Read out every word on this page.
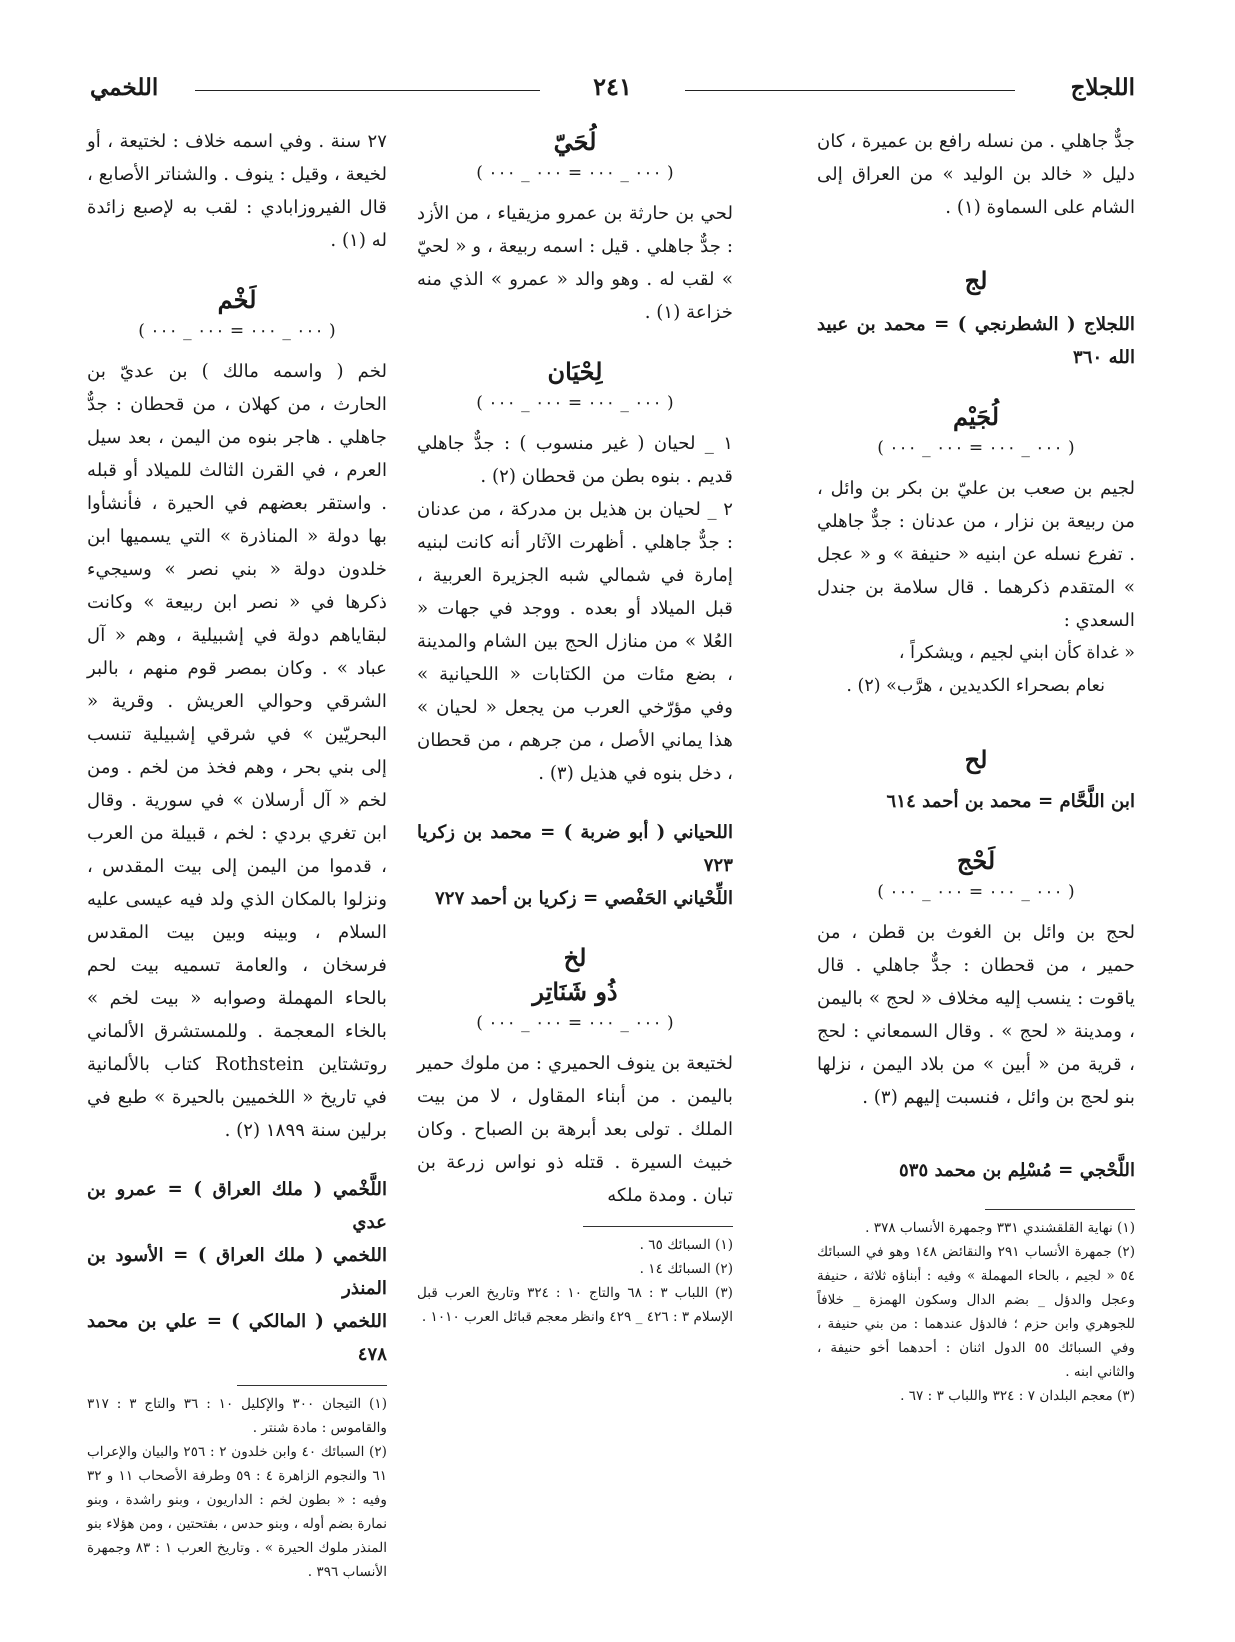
اللجلاج
٢٤١
اللخمي

جدٌّ جاهلي . من نسله رافع بن عميرة ، كان دليل « خالد بن الوليد » من العراق إلى الشام على السماوة (١) .

لج

اللجلاج ( الشطرنجي ) = محمد بن عبيد الله ٣٦٠

لُجَيْم

( ٠٠٠ _ ٠٠٠ = ٠٠٠ _ ٠٠٠ )

لجيم بن صعب بن عليّ بن بكر بن وائل ، من ربيعة بن نزار ، من عدنان : جدٌّ جاهلي . تفرع نسله عن ابنيه « حنيفة » و « عجل » المتقدم ذكرهما . قال سلامة بن جندل السعدي :

« غداة كأن ابني لجيم ، ويشكراً ،

نعام بصحراء الكديدين ، هرَّب» (٢) .

لح

ابن اللَّحَّام = محمد بن أحمد ٦١٤

لَحْج

( ٠٠٠ _ ٠٠٠ = ٠٠٠ _ ٠٠٠ )

لحج بن وائل بن الغوث بن قطن ، من حمير ، من قحطان : جدٌّ جاهلي . قال ياقوت : ينسب إليه مخلاف « لحج » باليمن ، ومدينة « لحج » . وقال السمعاني : لحج ، قرية من « أبين » من بلاد اليمن ، نزلها بنو لحج بن وائل ، فنسبت إليهم (٣) .

اللَّحْجي = مُسْلِم بن محمد ٥٣٥

(١) نهاية القلقشندي ٣٣١ وجمهرة الأنساب ٣٧٨ .

(٢) جمهرة الأنساب ٢٩١ والنقائض ١٤٨ وهو في السبائك ٥٤ « لجيم ، بالحاء المهملة » وفيه : أبناؤه ثلاثة ، حنيفة وعجل والدؤل _ بضم الدال وسكون الهمزة _ خلافاً للجوهري وابن حزم ؛ فالدؤل عندهما : من بني حنيفة ، وفي السبائك ٥٥ الدول اثنان : أحدهما أخو حنيفة ، والثاني ابنه .

(٣) معجم البلدان ٧ : ٣٢٤ واللباب ٣ : ٦٧ .

لُحَيّ

( ٠٠٠ _ ٠٠٠ = ٠٠٠ _ ٠٠٠ )

لحي بن حارثة بن عمرو مزيقياء ، من الأزد : جدٌّ جاهلي . قيل : اسمه ربيعة ، و « لحيّ » لقب له . وهو والد « عمرو » الذي منه خزاعة (١) .

لِحْيَان

( ٠٠٠ _ ٠٠٠ = ٠٠٠ _ ٠٠٠ )

١ _ لحيان ( غير منسوب ) : جدٌّ جاهلي قديم . بنوه بطن من قحطان (٢) .

٢ _ لحيان بن هذيل بن مدركة ، من عدنان : جدٌّ جاهلي . أظهرت الآثار أنه كانت لبنيه إمارة في شمالي شبه الجزيرة العربية ، قبل الميلاد أو بعده . ووجد في جهات « العُلا » من منازل الحج بين الشام والمدينة ، بضع مئات من الكتابات « اللحيانية » وفي مؤرّخي العرب من يجعل « لحيان » هذا يماني الأصل ، من جرهم ، من قحطان ، دخل بنوه في هذيل (٣) .

اللحياني ( أبو ضربة ) = محمد بن زكريا ٧٢٣

اللِّحْياني الحَفْصي = زكريا بن أحمد ٧٢٧

لخ

ذُو شَنَاتِر

( ٠٠٠ _ ٠٠٠ = ٠٠٠ _ ٠٠٠ )

لختيعة بن ينوف الحميري : من ملوك حمير باليمن . من أبناء المقاول ، لا من بيت الملك . تولى بعد أبرهة بن الصباح . وكان خبيث السيرة . قتله ذو نواس زرعة بن تبان . ومدة ملكه

(١) السبائك ٦٥ .

(٢) السبائك ١٤ .

(٣) اللباب ٣ : ٦٨ والتاج ١٠ : ٣٢٤ وتاريخ العرب قبل الإسلام ٣ : ٤٢٦ _ ٤٢٩ وانظر معجم قبائل العرب ١٠١٠ .

٢٧ سنة . وفي اسمه خلاف : لختيعة ، أو لخيعة ، وقيل : ينوف . والشناتر الأصابع ، قال الفيروزابادي : لقب به لإصبع زائدة له (١) .

لَخْم

( ٠٠٠ _ ٠٠٠ = ٠٠٠ _ ٠٠٠ )

لخم ( واسمه مالك ) بن عديّ بن الحارث ، من كهلان ، من قحطان : جدٌّ جاهلي . هاجر بنوه من اليمن ، بعد سيل العرم ، في القرن الثالث للميلاد أو قبله . واستقر بعضهم في الحيرة ، فأنشأوا بها دولة « المناذرة » التي يسميها ابن خلدون دولة « بني نصر » وسيجيء ذكرها في « نصر ابن ربيعة » وكانت لبقاياهم دولة في إشبيلية ، وهم « آل عباد » . وكان بمصر قوم منهم ، بالبر الشرقي وحوالي العريش . وقرية « البحريّين » في شرقي إشبيلية تنسب إلى بني بحر ، وهم فخذ من لخم . ومن لخم « آل أرسلان » في سورية . وقال ابن تغري بردي : لخم ، قبيلة من العرب ، قدموا من اليمن إلى بيت المقدس ، ونزلوا بالمكان الذي ولد فيه عيسى عليه السلام ، وبينه وبين بيت المقدس فرسخان ، والعامة تسميه بيت لحم بالحاء المهملة وصوابه « بيت لخم » بالخاء المعجمة . وللمستشرق الألماني روتشتاين Rothstein كتاب بالألمانية في تاريخ « اللخميين بالحيرة » طبع في برلين سنة ١٨٩٩ (٢) .

اللَّخْمي ( ملك العراق ) = عمرو بن عدي

اللخمي ( ملك العراق ) = الأسود بن المنذر

اللخمي ( المالكي ) = علي بن محمد ٤٧٨

(١) التيجان ٣٠٠ والإكليل ١٠ : ٣٦ والتاج ٣ : ٣١٧ والقاموس : مادة شنتر .

(٢) السبائك ٤٠ وابن خلدون ٢ : ٢٥٦ والبيان والإعراب ٦١ والنجوم الزاهرة ٤ : ٥٩ وطرفة الأصحاب ١١ و ٣٢ وفيه : « بطون لخم : الداريون ، وبنو راشدة ، وبنو نمارة بضم أوله ، وبنو حدس ، بفتحتين ، ومن هؤلاء بنو المنذر ملوك الحيرة » . وتاريخ العرب ١ : ٨٣ وجمهرة الأنساب ٣٩٦ .
